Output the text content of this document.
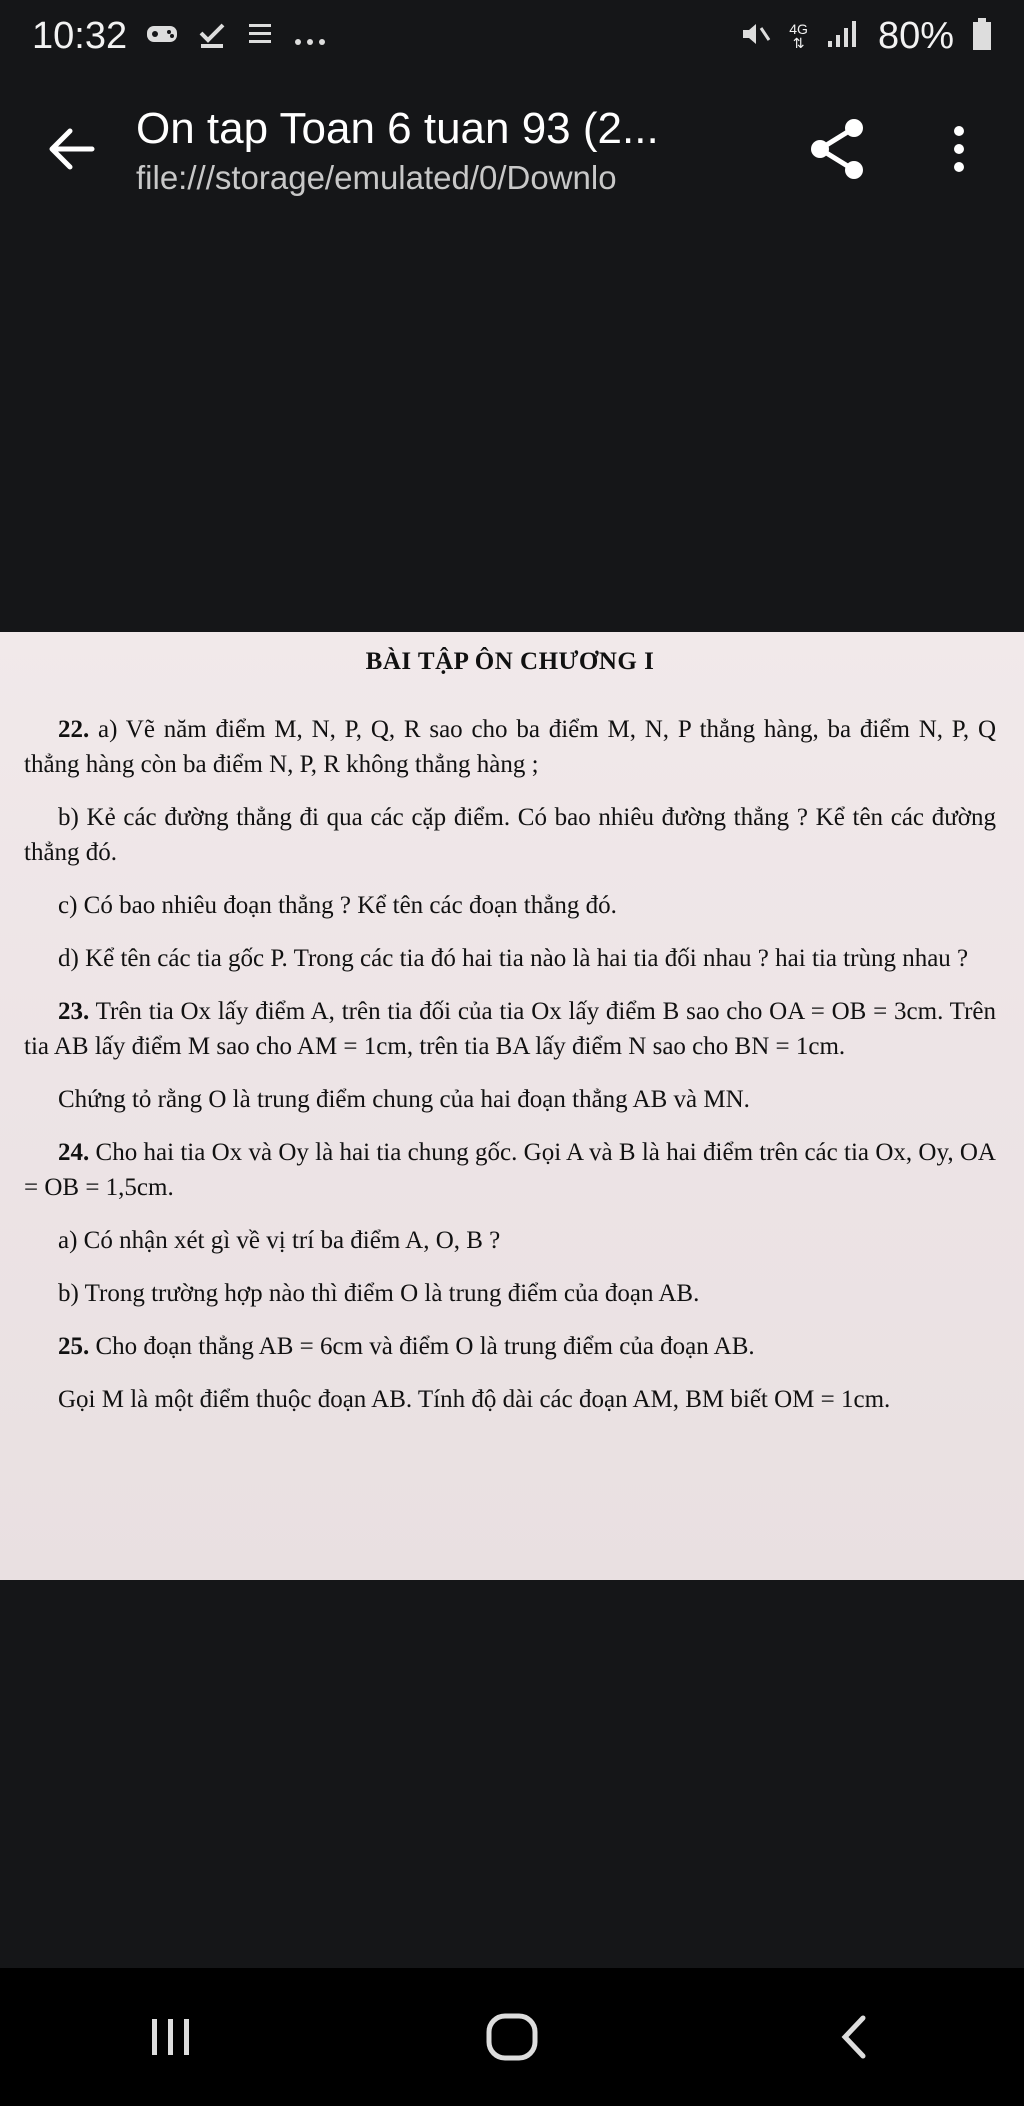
10:32	4G
⇅ 80%
On tap Toan 6 tuan 93 (2...
file:///storage/emulated/0/Downlo
BÀI TẬP ÔN CHƯƠNG I

22. a) Vẽ năm điểm M, N, P, Q, R sao cho ba điểm M, N, P thẳng hàng, ba điểm N, P, Q thẳng hàng còn ba điểm N, P, R không thẳng hàng ;

b) Kẻ các đường thẳng đi qua các cặp điểm. Có bao nhiêu đường thẳng ? Kể tên các đường thẳng đó.

c) Có bao nhiêu đoạn thẳng ? Kể tên các đoạn thẳng đó.

d) Kể tên các tia gốc P. Trong các tia đó hai tia nào là hai tia đối nhau ? hai tia trùng nhau ?

23. Trên tia Ox lấy điểm A, trên tia đối của tia Ox lấy điểm B sao cho OA = OB = 3cm. Trên tia AB lấy điểm M sao cho AM = 1cm, trên tia BA lấy điểm N sao cho BN = 1cm.

Chứng tỏ rằng O là trung điểm chung của hai đoạn thẳng AB và MN.

24. Cho hai tia Ox và Oy là hai tia chung gốc. Gọi A và B là hai điểm trên các tia Ox, Oy, OA = OB = 1,5cm.

a) Có nhận xét gì về vị trí ba điểm A, O, B ?

b) Trong trường hợp nào thì điểm O là trung điểm của đoạn AB.

25. Cho đoạn thẳng AB = 6cm và điểm O là trung điểm của đoạn AB.

Gọi M là một điểm thuộc đoạn AB. Tính độ dài các đoạn AM, BM biết OM = 1cm.
